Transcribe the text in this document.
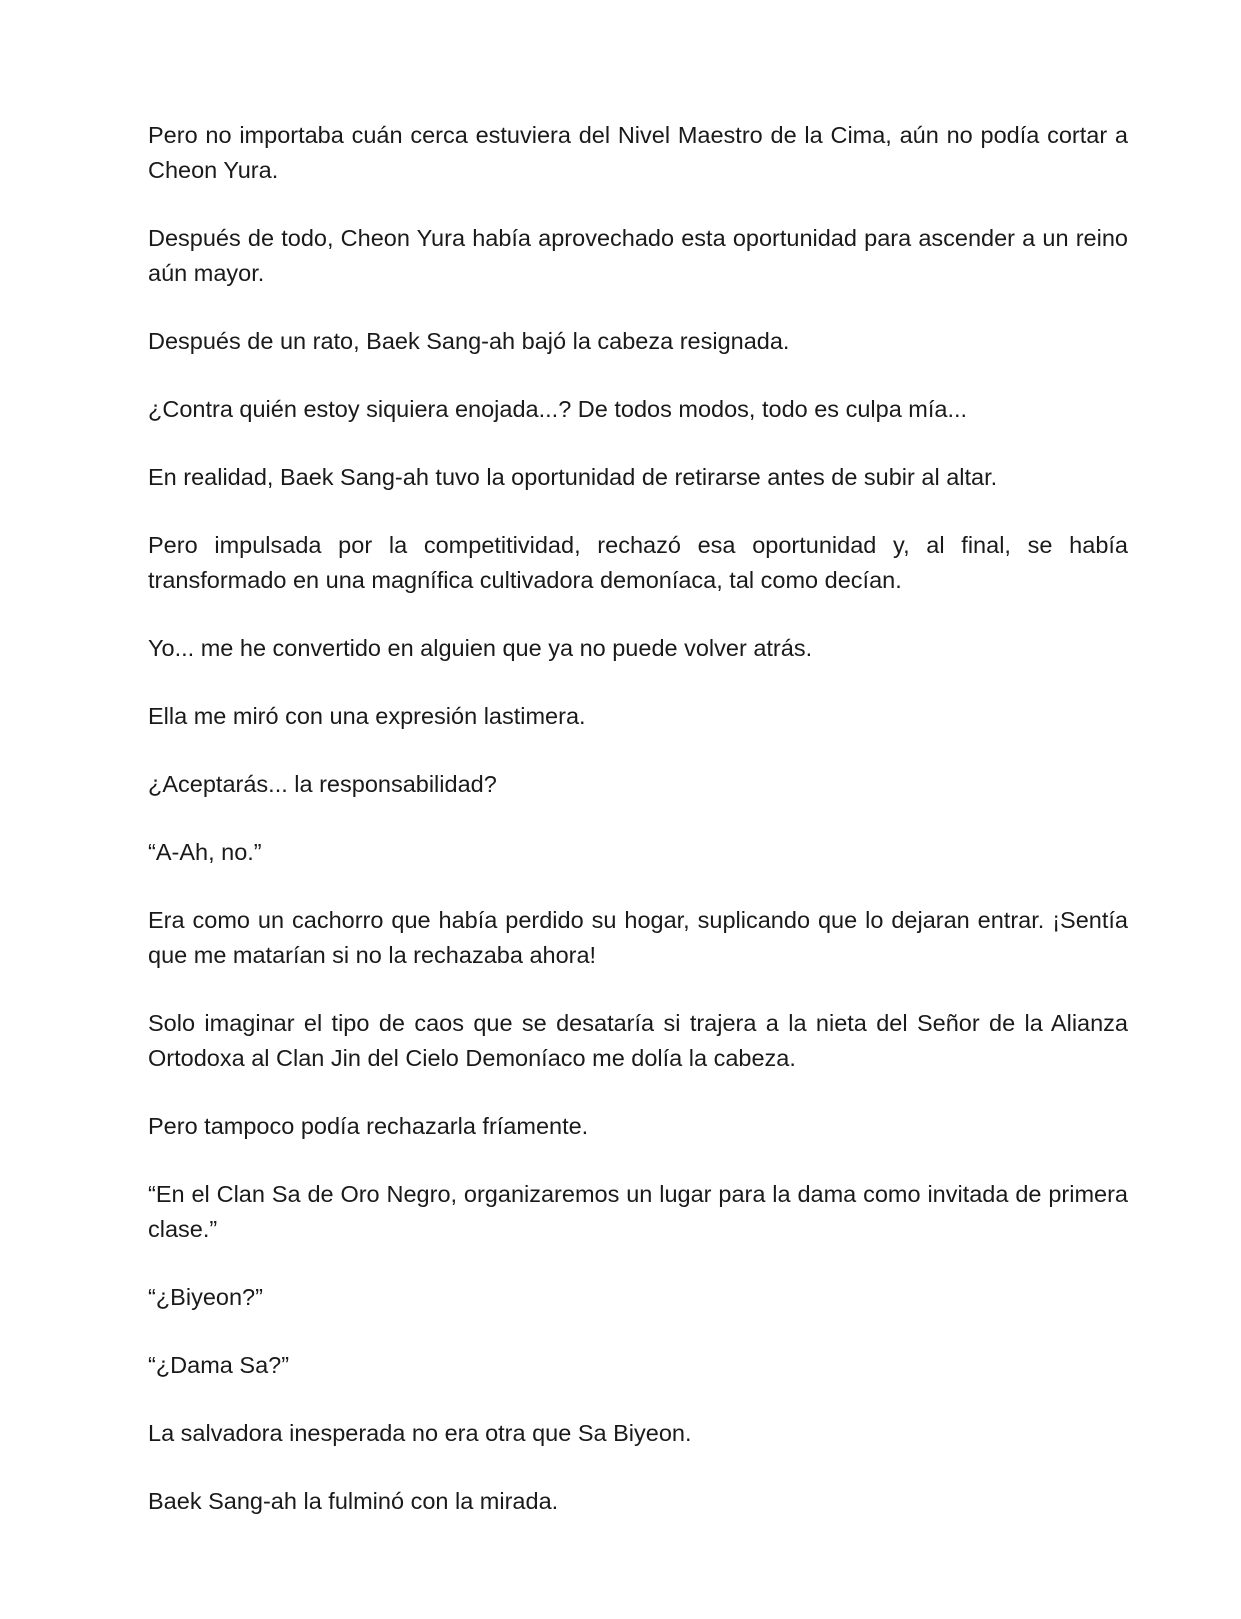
Pero no importaba cuán cerca estuviera del Nivel Maestro de la Cima, aún no podía cortar a Cheon Yura.

Después de todo, Cheon Yura había aprovechado esta oportunidad para ascender a un reino aún mayor.

Después de un rato, Baek Sang-ah bajó la cabeza resignada.

¿Contra quién estoy siquiera enojada...? De todos modos, todo es culpa mía...

En realidad, Baek Sang-ah tuvo la oportunidad de retirarse antes de subir al altar.

Pero impulsada por la competitividad, rechazó esa oportunidad y, al final, se había transformado en una magnífica cultivadora demoníaca, tal como decían.

Yo... me he convertido en alguien que ya no puede volver atrás.

Ella me miró con una expresión lastimera.

¿Aceptarás... la responsabilidad?

“A-Ah, no.”

Era como un cachorro que había perdido su hogar, suplicando que lo dejaran entrar. ¡Sentía que me matarían si no la rechazaba ahora!

Solo imaginar el tipo de caos que se desataría si trajera a la nieta del Señor de la Alianza Ortodoxa al Clan Jin del Cielo Demoníaco me dolía la cabeza.

Pero tampoco podía rechazarla fríamente.

“En el Clan Sa de Oro Negro, organizaremos un lugar para la dama como invitada de primera clase.”

“¿Biyeon?”

“¿Dama Sa?”

La salvadora inesperada no era otra que Sa Biyeon.

Baek Sang-ah la fulminó con la mirada.
